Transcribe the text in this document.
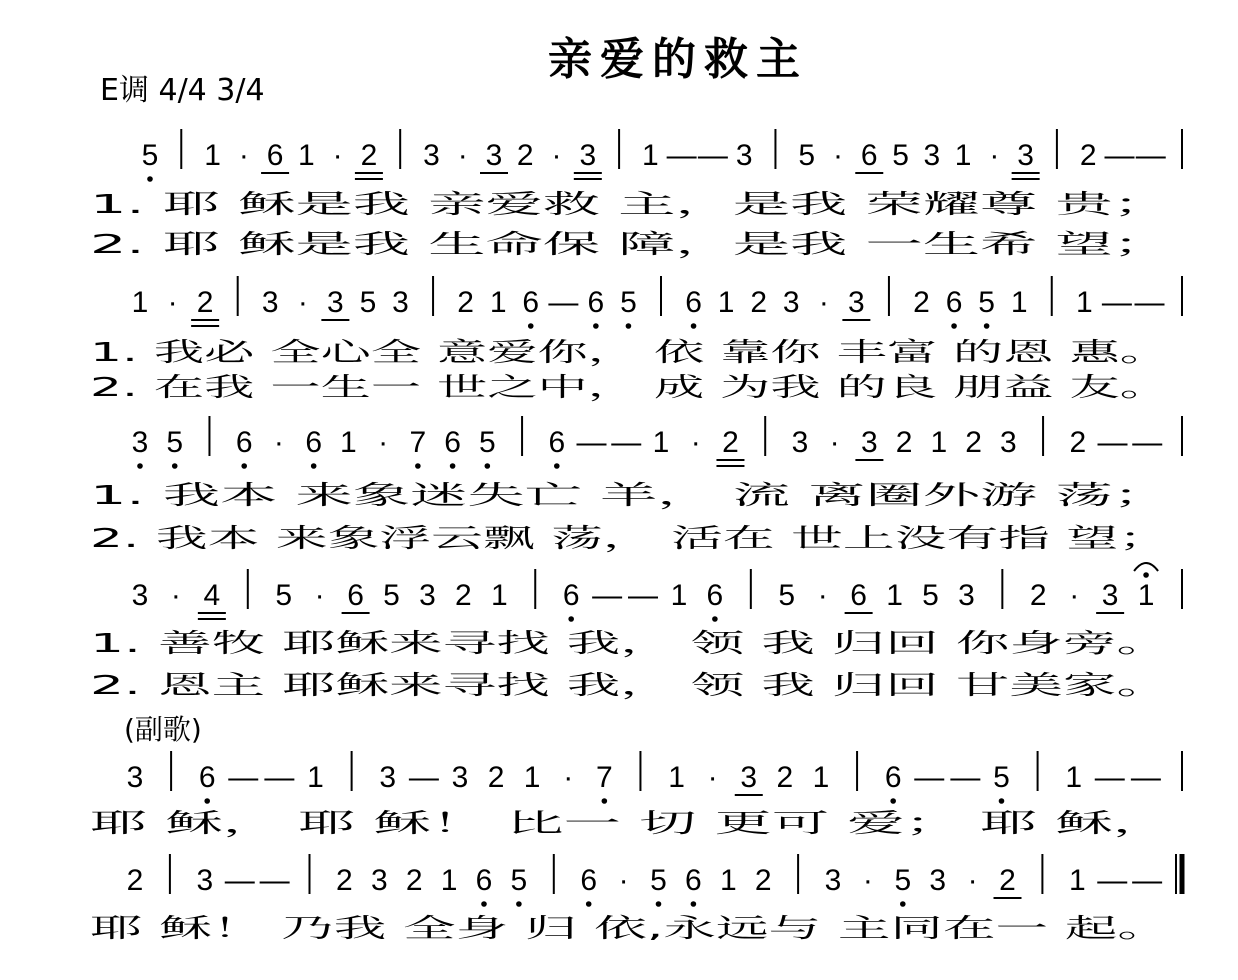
5 1 · 6 1 · 2 3 · 3 2 · 3 1 — — 3 5 · 6 5 3 1 · 3 2 — —
1. 耶 稣是我 亲爱救 主，是我 荣耀尊 贵；
2. 耶 稣是我 生命保 障，是我 一生希 望；
1 · 2 3 · 3 5 3 2 1 6 — 6 5 6 1 2 3 · 3 2 6 5 1 1 — —
1. 我必 全心全 意爱你， 依 靠你 丰富 的恩 惠。
2. 在我 一生一 世之中， 成 为我 的良 朋益 友。
3 5 6 · 6 1 · 7 6 5 6 — — 1 · 2 3 · 3 2 1 2 3 2 — —
1. 我本 来象迷失亡 羊， 流 离圈外游 荡；
2. 我本 来象浮云飘 荡， 活在 世上没有指 望；
3 · 4 5 · 6 5 3 2 1 6 — — 1 6 5 · 6 1 5 3 2 · 3 1
1. 善牧 耶稣来寻找 我， 领 我 归回 你身旁。
2. 恩主 耶稣来寻找 我， 领 我 归回 甘美家。
3 6 — — 1 3 — 3 2 1 · 7 1 · 3 2 1 6 — — 5 1 — —
耶 稣， 耶 稣！ 比一 切 更可 爱； 耶 稣，
2 3 — — 2 3 2 1 6 5 6 · 5 6 1 2 3 · 5 3 · 2 1 — —
耶 稣！ 乃我 全身 归 依,永远与 主同在一 起。
亲爱的救主
E调 4/4 3/4
(副歌)
